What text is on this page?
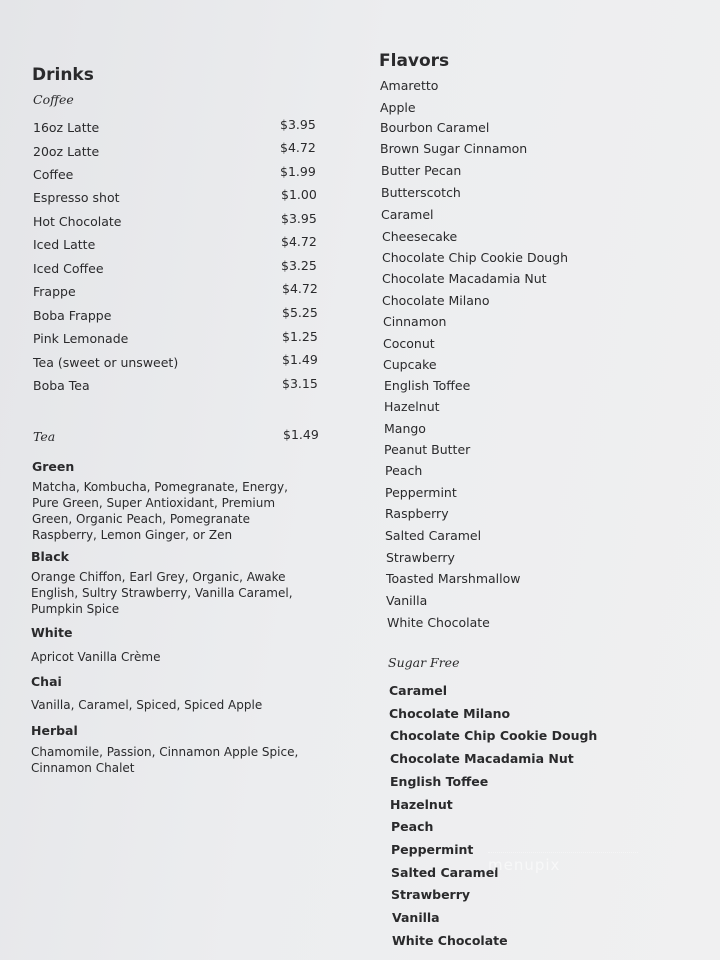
Drinks
Coffee
16oz Latte	$3.95
20oz Latte	$4.72
Coffee	$1.99
Espresso shot	$1.00
Hot Chocolate	$3.95
Iced Latte	$4.72
Iced Coffee	$3.25
Frappe	$4.72
Boba Frappe	$5.25
Pink Lemonade	$1.25
Tea (sweet or unsweet)	$1.49
Boba Tea	$3.15
Tea	$1.49
Green
Matcha, Kombucha, Pomegranate, Energy, Pure Green, Super Antioxidant, Premium Green, Organic Peach, Pomegranate Raspberry, Lemon Ginger, or Zen
Black
Orange Chiffon, Earl Grey, Organic, Awake English, Sultry Strawberry, Vanilla Caramel, Pumpkin Spice
White
Apricot Vanilla Crème
Chai
Vanilla, Caramel, Spiced, Spiced Apple
Herbal
Chamomile, Passion, Cinnamon Apple Spice, Cinnamon Chalet
Flavors
Amaretto
Apple
Bourbon Caramel
Brown Sugar Cinnamon
Butter Pecan
Butterscotch
Caramel
Cheesecake
Chocolate Chip Cookie Dough
Chocolate Macadamia Nut
Chocolate Milano
Cinnamon
Coconut
Cupcake
English Toffee
Hazelnut
Mango
Peanut Butter
Peach
Peppermint
Raspberry
Salted Caramel
Strawberry
Toasted Marshmallow
Vanilla
White Chocolate
Sugar Free
Caramel
Chocolate Milano
Chocolate Chip Cookie Dough
Chocolate Macadamia Nut
English Toffee
Hazelnut
Peach
Peppermint
Salted Caramel
Strawberry
Vanilla
White Chocolate
menupix
